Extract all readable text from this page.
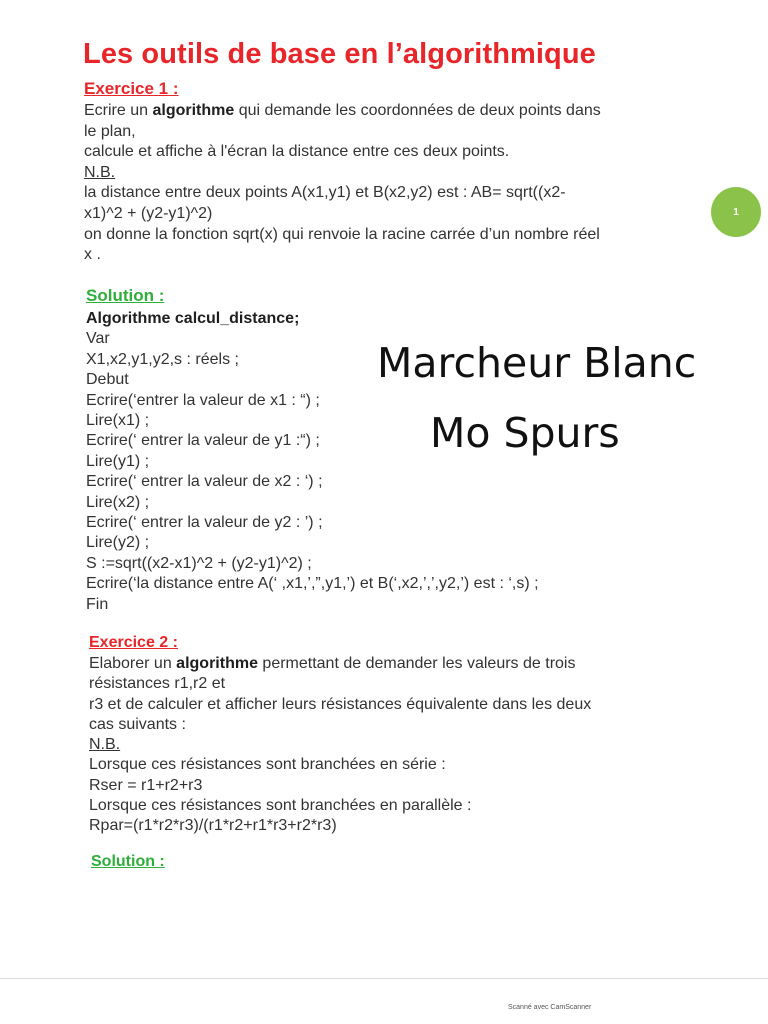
Les outils de base en l’algorithmique
Exercice 1 :
Ecrire un algorithme qui demande les coordonnées de deux points dans
le plan,
calcule et affiche à l'écran la distance entre ces deux points.
N.B.
la distance entre deux points A(x1,y1) et B(x2,y2) est : AB= sqrt((x2-
x1)^2 + (y2-y1)^2)
on donne la fonction sqrt(x) qui renvoie la racine carrée d’un nombre réel
x .
1
Solution :
Algorithme calcul_distance;
Var
X1,x2,y1,y2,s : réels ;
Debut
Ecrire(‘entrer la valeur de x1 : “) ;
Lire(x1) ;
Ecrire(‘ entrer la valeur de y1 :“) ;
Lire(y1) ;
Ecrire(‘ entrer la valeur de x2 : ‘) ;
Lire(x2) ;
Ecrire(‘ entrer la valeur de y2 : ’) ;
Lire(y2) ;
S :=sqrt((x2-x1)^2 + (y2-y1)^2) ;
Ecrire(‘la distance entre A(‘ ,x1,’,”,y1,’) et B(‘,x2,’,’,y2,’) est : ‘,s) ;
Fin
Marcheur Blanc
Mo Spurs
Exercice 2 :
Elaborer un algorithme permettant de demander les valeurs de trois
résistances r1,r2 et
r3 et de calculer et afficher leurs résistances équivalente dans les deux
cas suivants :
N.B.
Lorsque ces résistances sont branchées en série :
Rser = r1+r2+r3
Lorsque ces résistances sont branchées en parallèle :
Rpar=(r1*r2*r3)/(r1*r2+r1*r3+r2*r3)
Solution :
Scanné avec CamScanner
